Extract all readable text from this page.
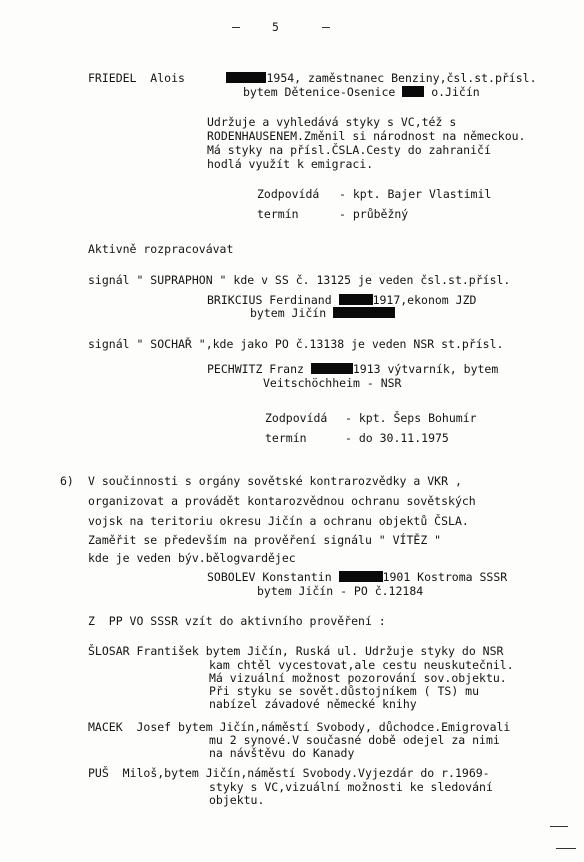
5
FRIEDEL  Alois	1954, zaměstnanec Benziny,čsl.st.přísl.
bytem Dětenice-Osenice	o.Jičín
Udržuje a vyhledává styky s VC,též s
RODENHAUSENEM.Změnil si národnost na německou.
Má styky na přísl.ČSLA.Cesty do zahraničí
hodlá využít k emigraci.
Zodpovídá - kpt. Bajer Vlastimil
termín	- průběžný
Aktivně rozpracovávat
signál " SUPRAPHON " kde v SS č. 13125 je veden čsl.st.přísl.
BRIKCIUS Ferdinand	1917,ekonom JZD
bytem Jičín
signál " SOCHAŘ ",kde jako PO č.13138 je veden NSR st.přísl.
PECHWITZ Franz	1913 výtvarník, bytem
Veitschöchheim - NSR
Zodpovídá - kpt. Šeps Bohumír
termín	- do 30.11.1975
6) V součinnosti s orgány sovětské kontrarozvědky a VKR ,
organizovat a provádět kontarozvědnou ochranu sovětských
vojsk na teritoriu okresu Jičín a ochranu objektů ČSLA.
Zaměřit se především na prověření signálu " VÍTĚZ "
kde je veden býv.bělogvarděјec
SOBOLEV Konstantin	1901 Kostroma SSSR
bytem Jičín - PO č.12184
Z  PP VO SSSR vzít do aktivního prověření :
ŠLOSAR František bytem Jičín, Ruská ul. Udržuje styky do NSR
kam chtěl vycestovat,ale cestu neuskutečnil.
Má vizuální možnost pozorování sov.objektu.
Při styku se sovět.důstojníkem ( TS) mu
nabízel závadové německé knihy
MACEK Josef bytem Jičín,náměstí Svobody, důchodce.Emigrovali
mu 2 synové.V současné době odejel za nimi
na návštěvu do Kanady
PUŠ Miloš,bytem Jičín,náměstí Svobody.Vyjezdár do r.1969-
styky s VC,vizuální možnosti ke sledování
objektu.
